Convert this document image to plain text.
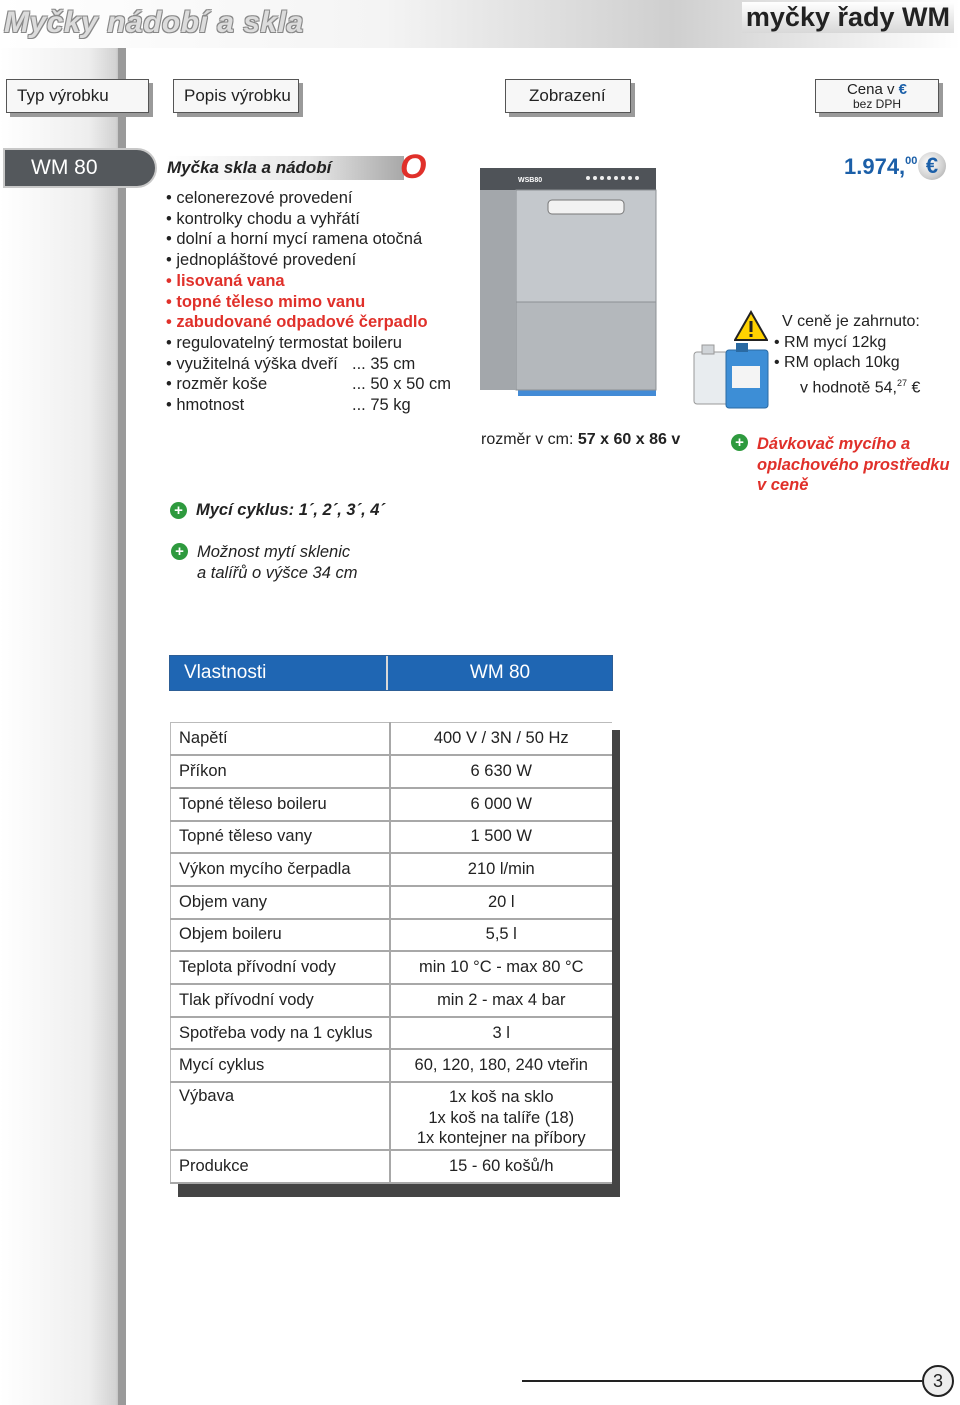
Myčky nádobí a skla	myčky řady WM
Typ výrobku	Popis výrobku	Zobrazení	Cena v €
bez DPH
WM 80	Myčka skla a nádobí O
• celonerezové provedení
• kontrolky chodu a vyhřátí
• dolní a horní mycí ramena otočná
• jednopláštové provedení
• lisovaná vana
• topné těleso mimo vanu
• zabudované odpadové čerpadlo
• regulovatelný termostat boileru
• využitelná výška dveří ... 35 cm
• rozměr koše	... 50 x 50 cm
• hmotnost	... 75 kg
WSB80
1.974,00 €
V ceně je zahrnuto:
• RM mycí 12kg
• RM oplach 10kg
v hodnotě 54,27 €
rozměr v cm: 57 x 60 x 86 v	+ Dávkovač mycího a
oplachového prostředku
v ceně
+ Mycí cyklus: 1´, 2´, 3´, 4´
+ Možnost mytí sklenic
a talířů o výšce 34 cm
Vlastnosti	WM 80
Napětí	400 V / 3N / 50 Hz
Příkon	6 630 W
Topné těleso boileru	6 000 W
Topné těleso vany	1 500 W
Výkon mycího čerpadla	210 l/min
Objem vany	20 l
Objem boileru	5,5 l
Teplota přívodní vody	min 10 °C - max 80 °C
Tlak přívodní vody	min 2 - max 4 bar
Spotřeba vody na 1 cyklus	3 l
Mycí cyklus	60, 120, 180, 240 vteřin
Výbava	1x koš na sklo
1x koš na talíře (18)
1x kontejner na příbory

Produkce	15 - 60 košů/h
3
